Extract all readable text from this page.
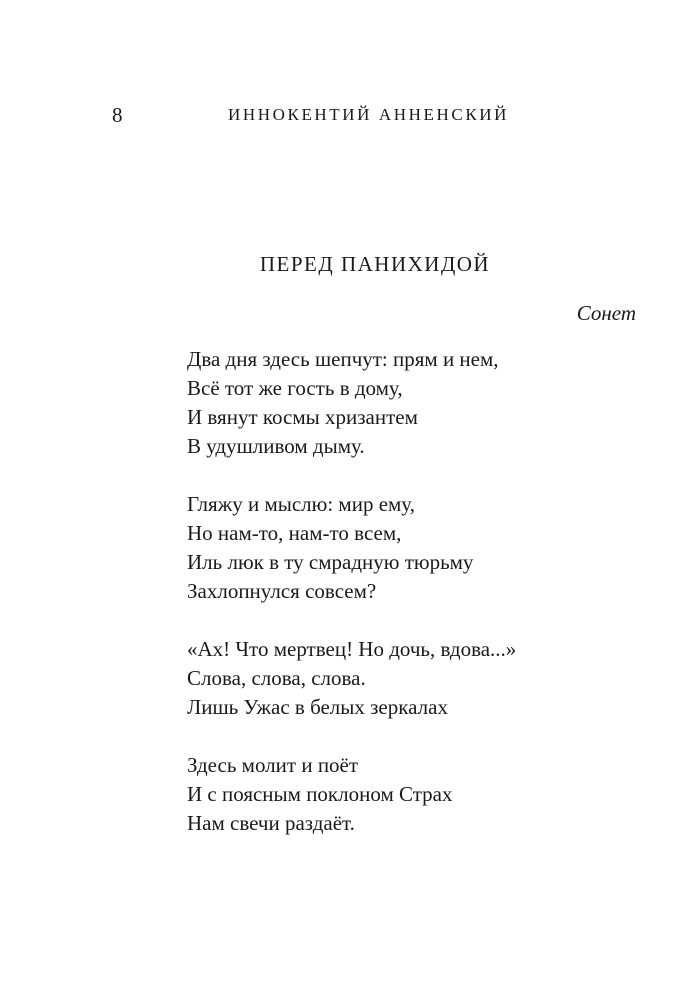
8	ИННОКЕНТИЙ АННЕНСКИЙ
ПЕРЕД ПАНИХИДОЙ
Сонет
Два дня здесь шепчут: прям и нем,
Всё тот же гость в дому,
И вянут космы хризантем
В удушливом дыму.
Гляжу и мыслю: мир ему,
Но нам-то, нам-то всем,
Иль люк в ту смрадную тюрьму
Захлопнулся совсем?
«Ах! Что мертвец! Но дочь, вдова...»
Слова, слова, слова.
Лишь Ужас в белых зеркалах
Здесь молит и поёт
И с поясным поклоном Страх
Нам свечи раздаёт.
